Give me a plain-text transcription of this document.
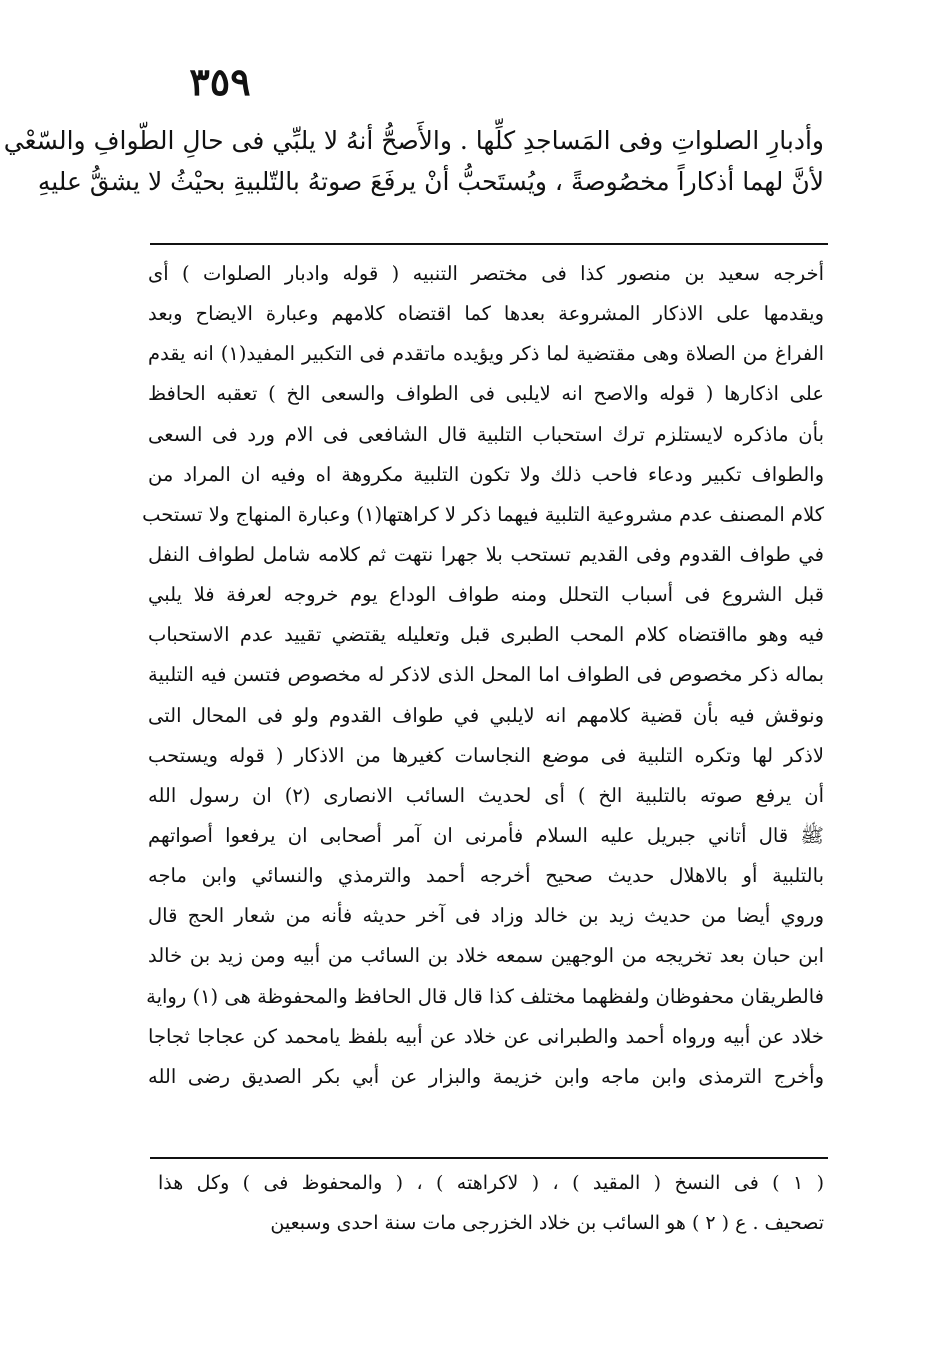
٣٥٩
وأدبارِ الصلواتِ وفى المَساجدِ كلِّها . والأَصحُّ أنهُ لا يلبِّي فى حالِ الطّوافِ والسّعْي
لأنَّ لهما أذكاراً مخصُوصةً ، ويُستَحبُّ أنْ يرفَعَ صوتهُ بالتّلبيةِ بحيْثُ لا يشقُّ عليهِ
أخرجه سعيد بن منصور كذا فى مختصر التنبيه ( قوله وادبار الصلوات ) أى
ويقدمها على الاذكار المشروعة بعدها كما اقتضاه كلامهم وعبارة الايضاح وبعد
الفراغ من الصلاة وهى مقتضية لما ذكر ويؤيده ماتقدم فى التكبير المفيد(١) انه يقدم
على اذكارها ( قوله والاصح انه لايلبى فى الطواف والسعى الخ ) تعقبه الحافظ
بأن ماذكره لايستلزم ترك استحباب التلبية قال الشافعى فى الام ورد فى السعى
والطواف تكبير ودعاء فاحب ذلك ولا تكون التلبية مكروهة اه وفيه ان المراد من
كلام المصنف عدم مشروعية التلبية فيهما ذكر لا كراهتها(١) وعبارة المنهاج ولا تستحب
في طواف القدوم وفى القديم تستحب بلا جهرا نتهت ثم كلامه شامل لطواف النفل
قبل الشروع فى أسباب التحلل ومنه طواف الوداع يوم خروجه لعرفة فلا يلبي
فيه وهو مااقتضاه كلام المحب الطبرى قبل وتعليله يقتضي تقييد عدم الاستحباب
بماله ذكر مخصوص فى الطواف اما المحل الذى لاذكر له مخصوص فتسن فيه التلبية
ونوقش فيه بأن قضية كلامهم انه لايلبي في طواف القدوم ولو فى المحال التى
لاذكر لها وتكره التلبية فى موضع النجاسات كغيرها من الاذكار ( قوله ويستحب
أن يرفع صوته بالتلبية الخ ) أى لحديث السائب الانصارى (٢) ان رسول الله
ﷺ قال أتاني جبريل عليه السلام فأمرنى ان آمر أصحابى ان يرفعوا أصواتهم
بالتلبية أو بالاهلال حديث صحيح أخرجه أحمد والترمذي والنسائي وابن ماجه
وروي أيضا من حديث زيد بن خالد وزاد فى آخر حديثه فأنه من شعار الحج قال
ابن حبان بعد تخريجه من الوجهين سمعه خلاد بن السائب من أبيه ومن زيد بن خالد
فالطريقان محفوظان ولفظهما مختلف كذا قال قال الحافظ والمحفوظة هى (١) رواية
خلاد عن أبيه ورواه أحمد والطبرانى عن خلاد عن أبيه بلفظ يامحمد كن عجاجا ثجاجا
وأخرج الترمذى وابن ماجه وابن خزيمة والبزار عن أبي بكر الصديق رضى الله
( ١ ) فى النسخ ( المقيد ) ، ( لاكراهته ) ، ( والمحفوظ فى ) وكل هذا
تصحيف . ع ( ٢ ) هو السائب بن خلاد الخزرجى مات سنة احدى وسبعين
